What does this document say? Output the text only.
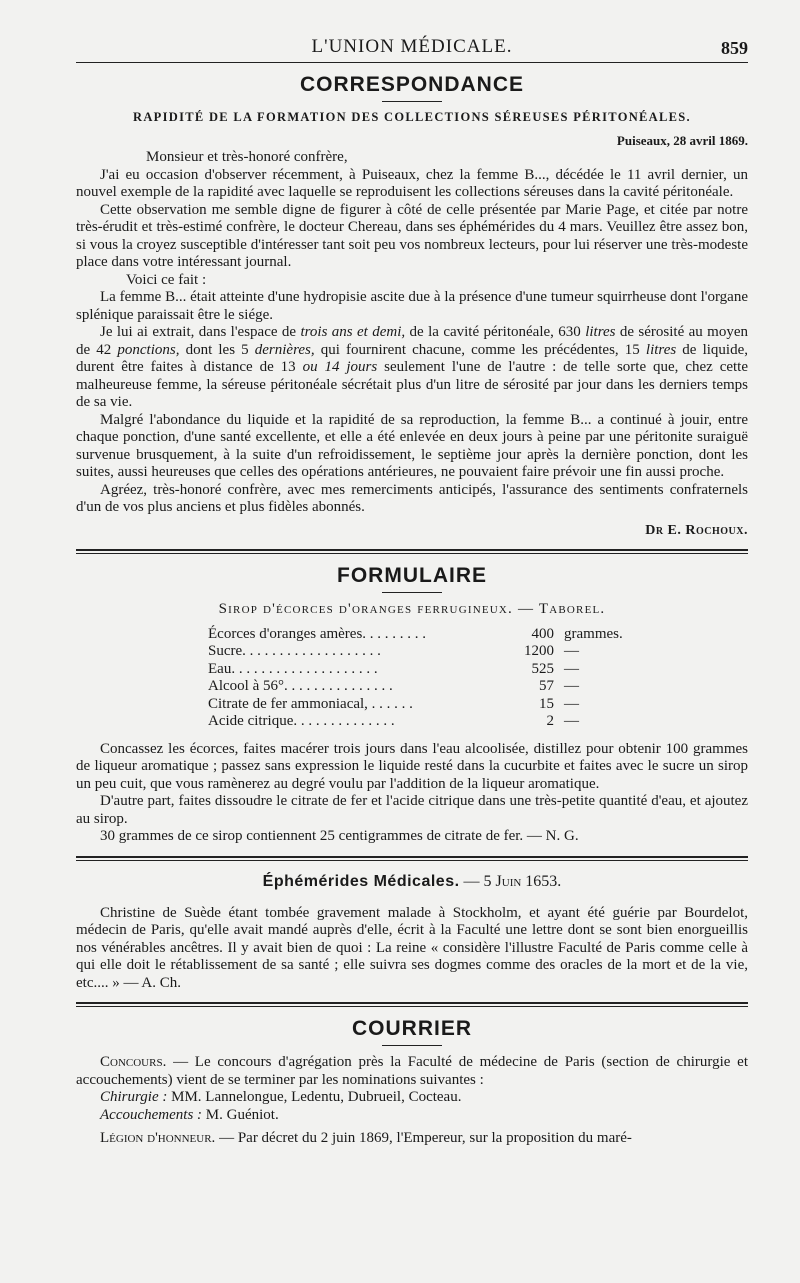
L'UNION MÉDICALE.	859
CORRESPONDANCE
RAPIDITÉ DE LA FORMATION DES COLLECTIONS SÉREUSES PÉRITONÉALES.
Puiseaux, 28 avril 1869.

Monsieur et très-honoré confrère,

J'ai eu occasion d'observer récemment, à Puiseaux, chez la femme B..., décédée le 11 avril dernier, un nouvel exemple de la rapidité avec laquelle se reproduisent les collections séreuses dans la cavité péritonéale.

Cette observation me semble digne de figurer à côté de celle présentée par Marie Page, et citée par notre très-érudit et très-estimé confrère, le docteur Chereau, dans ses éphémérides du 4 mars. Veuillez être assez bon, si vous la croyez susceptible d'intéresser tant soit peu vos nombreux lecteurs, pour lui réserver une très-modeste place dans votre intéressant journal.

Voici ce fait :

La femme B... était atteinte d'une hydropisie ascite due à la présence d'une tumeur squirrheuse dont l'organe splénique paraissait être le siége.

Je lui ai extrait, dans l'espace de trois ans et demi, de la cavité péritonéale, 630 litres de sérosité au moyen de 42 ponctions, dont les 5 dernières, qui fournirent chacune, comme les précédentes, 15 litres de liquide, durent être faites à distance de 13 ou 14 jours seulement l'une de l'autre : de telle sorte que, chez cette malheureuse femme, la séreuse péritonéale sécrétait plus d'un litre de sérosité par jour dans les derniers temps de sa vie.

Malgré l'abondance du liquide et la rapidité de sa reproduction, la femme B... a continué à jouir, entre chaque ponction, d'une santé excellente, et elle a été enlevée en deux jours à peine par une péritonite suraiguë survenue brusquement, à la suite d'un refroidissement, le septième jour après la dernière ponction, dont les suites, aussi heureuses que celles des opérations antérieures, ne pouvaient faire prévoir une fin aussi proche.

Agréez, très-honoré confrère, avec mes remerciments anticipés, l'assurance des sentiments confraternels d'un de vos plus anciens et plus fidèles abonnés.

Dr E. Rochoux.
FORMULAIRE
Sirop d'écorces d'oranges ferrugineux. — Taborel.
Écorces d'oranges amères. . . . . . . . .	400	grammes.
Sucre. . . . . . . . . . . . . . . . . . .	1200	—
Eau. . . . . . . . . . . . . . . . . . . .	525	—
Alcool à 56°. . . . . . . . . . . . . . .	57	—
Citrate de fer ammoniacal, . . . . . .	15	—
Acide citrique. . . . . . . . . . . . . .	2	—

Concassez les écorces, faites macérer trois jours dans l'eau alcoolisée, distillez pour obtenir 100 grammes de liqueur aromatique ; passez sans expression le liquide resté dans la cucurbite et faites avec le sucre un sirop un peu cuit, que vous ramènerez au degré voulu par l'addition de la liqueur aromatique.

D'autre part, faites dissoudre le citrate de fer et l'acide citrique dans une très-petite quantité d'eau, et ajoutez au sirop.

30 grammes de ce sirop contiennent 25 centigrammes de citrate de fer. — N. G.

Éphémérides Médicales. — 5 Juin 1653.

Christine de Suède étant tombée gravement malade à Stockholm, et ayant été guérie par Bourdelot, médecin de Paris, qu'elle avait mandé auprès d'elle, écrit à la Faculté une lettre dont se sont bien enorgueillis nos vénérables ancêtres. Il y avait bien de quoi : La reine « considère l'illustre Faculté de Paris comme celle à qui elle doit le rétablissement de sa santé ; elle suivra ses dogmes comme des oracles de la mort et de la vie, etc.... » — A. Ch.

COURRIER

Concours. — Le concours d'agrégation près la Faculté de médecine de Paris (section de chirurgie et accouchements) vient de se terminer par les nominations suivantes :

Chirurgie : MM. Lannelongue, Ledentu, Dubrueil, Cocteau.

Accouchements : M. Guéniot.

Légion d'honneur. — Par décret du 2 juin 1869, l'Empereur, sur la proposition du maré-
